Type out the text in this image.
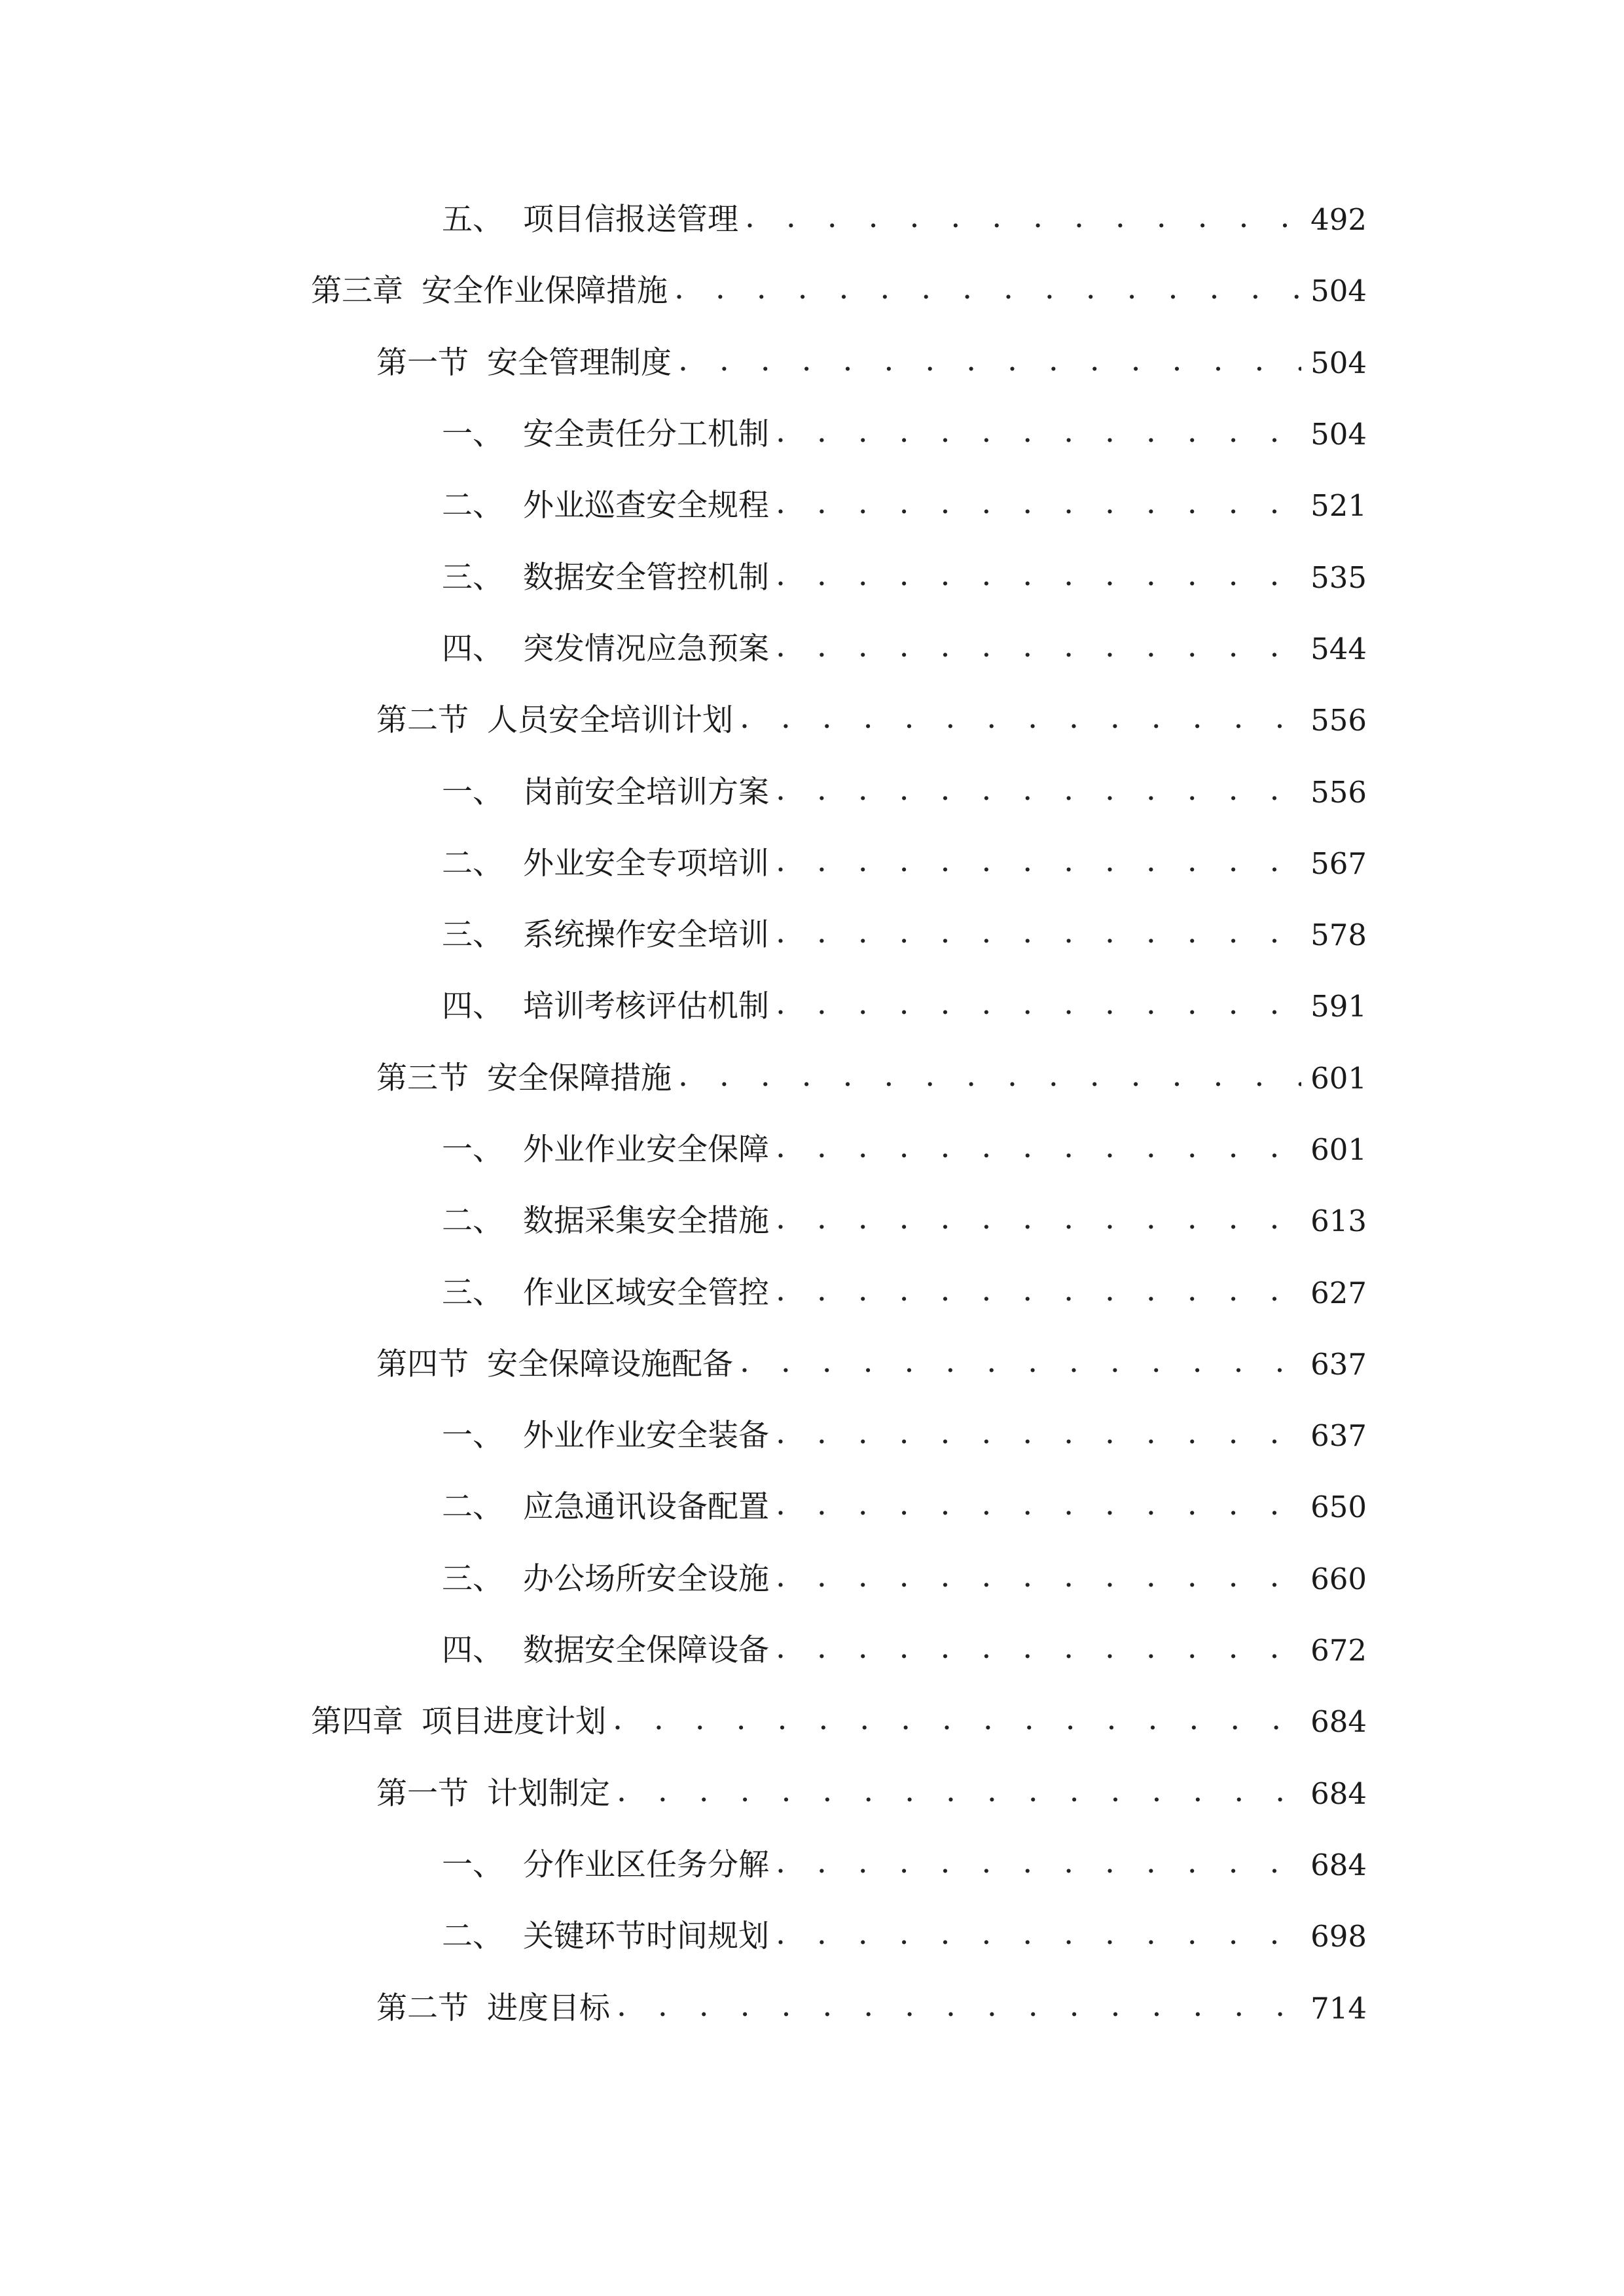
五、 项目信报送管理 . . .	492
第三章 安全作业保障措施 . . .	504
第一节 安全管理制度 . . .	504
一、 安全责任分工机制 . . .	504
二、 外业巡查安全规程 . . .	521
三、 数据安全管控机制 . . .	535
四、 突发情况应急预案 . . .	544
第二节 人员安全培训计划 . . .	556
一、 岗前安全培训方案 . . .	556
二、 外业安全专项培训 . . .	567
三、 系统操作安全培训 . . .	578
四、 培训考核评估机制 . . .	591
第三节 安全保障措施 . . .	601
一、 外业作业安全保障 . . .	601
二、 数据采集安全措施 . . .	613
三、 作业区域安全管控 . . .	627
第四节 安全保障设施配备 . . .	637
一、 外业作业安全装备 . . .	637
二、 应急通讯设备配置 . . .	650
三、 办公场所安全设施 . . .	660
四、 数据安全保障设备 . . .	672
第四章 项目进度计划 . . .	684
第一节 计划制定 . . .	684
一、 分作业区任务分解 . . .	684
二、 关键环节时间规划 . . .	698
第二节 进度目标 . . .	714
